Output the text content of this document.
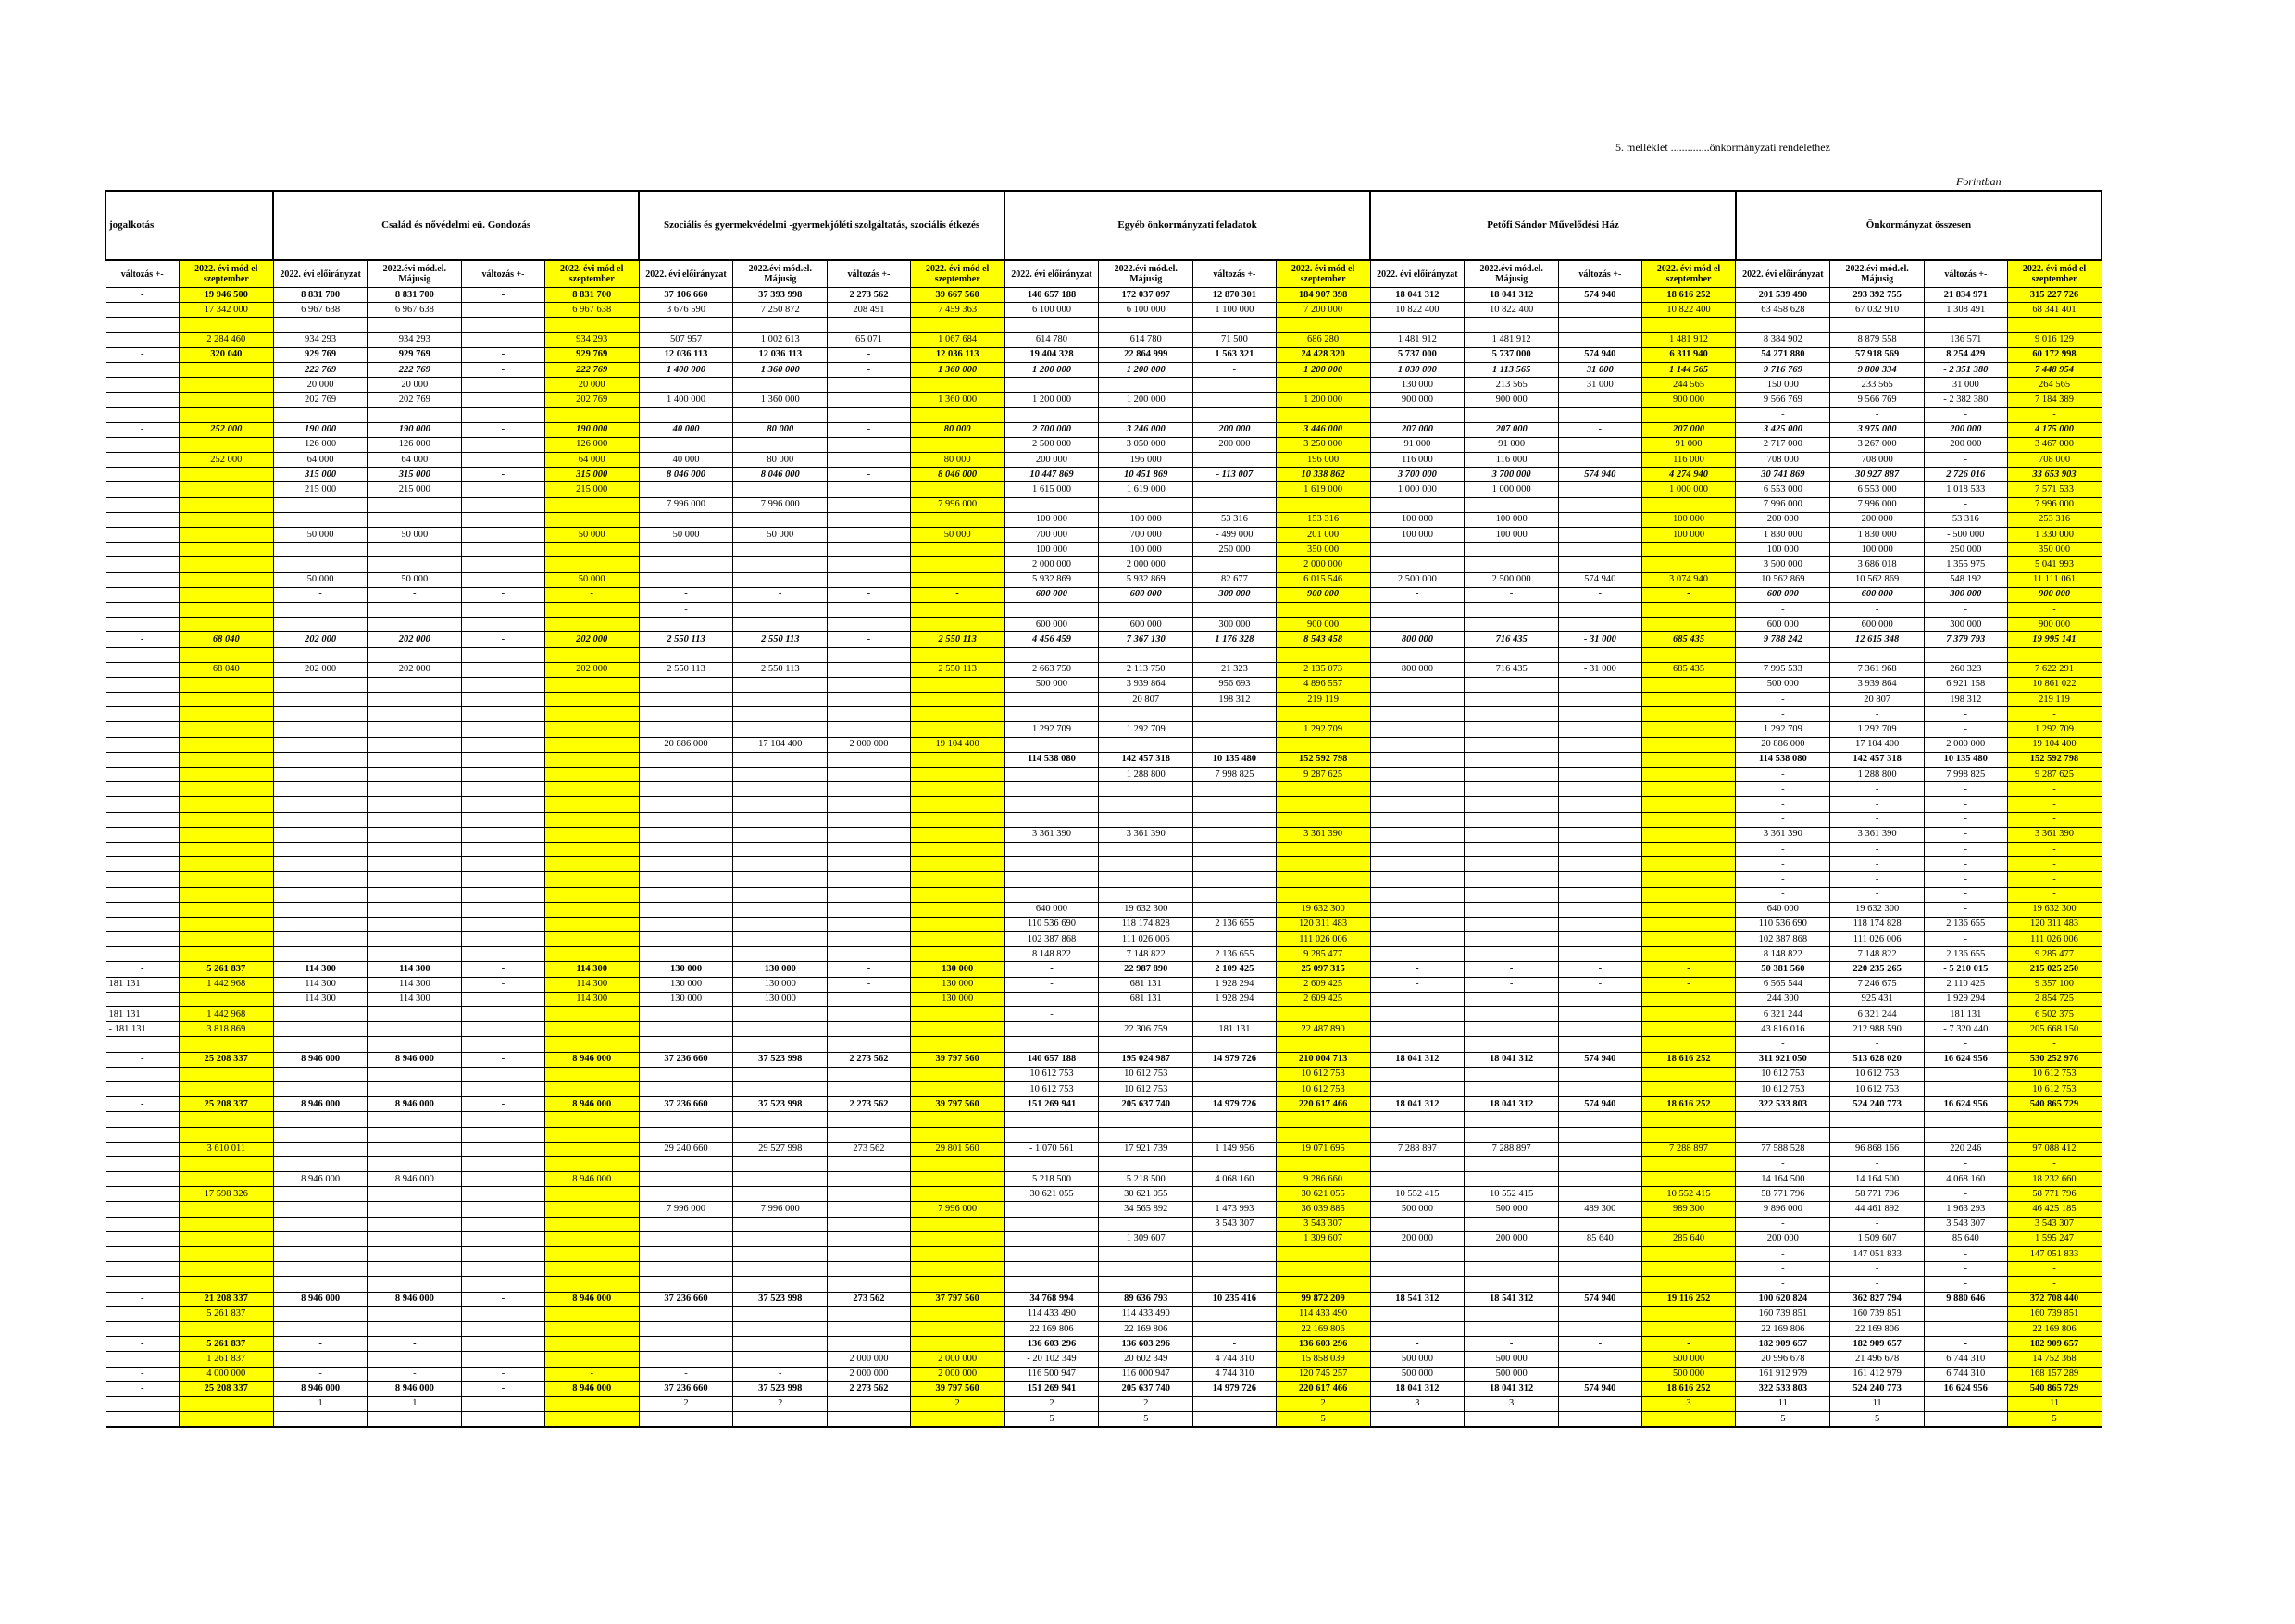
5. melléklet ..............önkormányzati rendelethez
Forintban
jogalkotás		Család és nővédelmi eü. Gondozás				Szociális és gyermekvédelmi -gyermekjóléti szolgáltatás, szociális étkezés				Egyéb önkormányzati feladatok				Petőfi Sándor Művelődési Ház				Önkormányzat összesen			
változás +-	2022. évi mód el szeptember	2022. évi előirányzat	2022.évi mód.el. Májusig	változás +-	2022. évi mód el szeptember	2022. évi előirányzat	2022.évi mód.el. Májusig	változás +-	2022. évi mód el szeptember	2022. évi előirányzat	2022.évi mód.el. Májusig	változás +-	2022. évi mód el szeptember	2022. évi előirányzat	2022.évi mód.el. Májusig	változás +-	2022. évi mód el szeptember	2022. évi előirányzat	2022.évi mód.el. Májusig	változás +-	2022. évi mód el szeptember
-	19 946 500	8 831 700	8 831 700	-	8 831 700	37 106 660	37 393 998	2 273 562	39 667 560	140 657 188	172 037 097	12 870 301	184 907 398	18 041 312	18 041 312	574 940	18 616 252	201 539 490	293 392 755	21 834 971	315 227 726
	17 342 000	6 967 638	6 967 638		6 967 638	3 676 590	7 250 872	208 491	7 459 363	6 100 000	6 100 000	1 100 000	7 200 000	10 822 400	10 822 400		10 822 400	63 458 628	67 032 910	1 308 491	68 341 401

	2 284 460	934 293	934 293		934 293	507 957	1 002 613	65 071	1 067 684	614 780	614 780	71 500	686 280	1 481 912	1 481 912		1 481 912	8 384 902	8 879 558	136 571	9 016 129
-	320 040	929 769	929 769	-	929 769	12 036 113	12 036 113	-	12 036 113	19 404 328	22 864 999	1 563 321	24 428 320	5 737 000	5 737 000	574 940	6 311 940	54 271 880	57 918 569	8 254 429	60 172 998
		222 769	222 769	-	222 769	1 400 000	1 360 000	-	1 360 000	1 200 000	1 200 000	-	1 200 000	1 030 000	1 113 565	31 000	1 144 565	9 716 769	9 800 334	- 2 351 380	7 448 954
		20 000	20 000		20 000									130 000	213 565	31 000	244 565	150 000	233 565	31 000	264 565
		202 769	202 769		202 769	1 400 000	1 360 000		1 360 000	1 200 000	1 200 000		1 200 000	900 000	900 000		900 000	9 566 769	9 566 769	- 2 382 380	7 184 389
																		-	-	-	-
-	252 000	190 000	190 000	-	190 000	40 000	80 000	-	80 000	2 700 000	3 246 000	200 000	3 446 000	207 000	207 000	-	207 000	3 425 000	3 975 000	200 000	4 175 000
		126 000	126 000		126 000					2 500 000	3 050 000	200 000	3 250 000	91 000	91 000		91 000	2 717 000	3 267 000	200 000	3 467 000
	252 000	64 000	64 000		64 000	40 000	80 000		80 000	200 000	196 000		196 000	116 000	116 000		116 000	708 000	708 000	-	708 000
		315 000	315 000	-	315 000	8 046 000	8 046 000	-	8 046 000	10 447 869	10 451 869	- 113 007	10 338 862	3 700 000	3 700 000	574 940	4 274 940	30 741 869	30 927 887	2 726 016	33 653 903
		215 000	215 000		215 000					1 615 000	1 619 000		1 619 000	1 000 000	1 000 000		1 000 000	6 553 000	6 553 000	1 018 533	7 571 533
						7 996 000	7 996 000		7 996 000									7 996 000	7 996 000	-	7 996 000
										100 000	100 000	53 316	153 316	100 000	100 000		100 000	200 000	200 000	53 316	253 316
		50 000	50 000		50 000	50 000	50 000		50 000	700 000	700 000	- 499 000	201 000	100 000	100 000		100 000	1 830 000	1 830 000	- 500 000	1 330 000
										100 000	100 000	250 000	350 000					100 000	100 000	250 000	350 000
										2 000 000	2 000 000		2 000 000					3 500 000	3 686 018	1 355 975	5 041 993
		50 000	50 000		50 000					5 932 869	5 932 869	82 677	6 015 546	2 500 000	2 500 000	574 940	3 074 940	10 562 869	10 562 869	548 192	11 111 061
		-	-	-	-	-	-	-	-	600 000	600 000	300 000	900 000	-	-	-	-	600 000	600 000	300 000	900 000
						-												-	-	-	-
										600 000	600 000	300 000	900 000					600 000	600 000	300 000	900 000
-	68 040	202 000	202 000	-	202 000	2 550 113	2 550 113	-	2 550 113	4 456 459	7 367 130	1 176 328	8 543 458	800 000	716 435	- 31 000	685 435	9 788 242	12 615 348	7 379 793	19 995 141

	68 040	202 000	202 000		202 000	2 550 113	2 550 113		2 550 113	2 663 750	2 113 750	21 323	2 135 073	800 000	716 435	- 31 000	685 435	7 995 533	7 361 968	260 323	7 622 291
										500 000	3 939 864	956 693	4 896 557					500 000	3 939 864	6 921 158	10 861 022
											20 807	198 312	219 119					-	20 807	198 312	219 119
																		-	-	-	-
										1 292 709	1 292 709		1 292 709					1 292 709	1 292 709	-	1 292 709
						20 886 000	17 104 400	2 000 000	19 104 400									20 886 000	17 104 400	2 000 000	19 104 400
										114 538 080	142 457 318	10 135 480	152 592 798					114 538 080	142 457 318	10 135 480	152 592 798
											1 288 800	7 998 825	9 287 625					-	1 288 800	7 998 825	9 287 625
																		-	-	-	-
																		-	-	-	-
																		-	-	-	-
										3 361 390	3 361 390		3 361 390					3 361 390	3 361 390	-	3 361 390
																		-	-	-	-
																		-	-	-	-
																		-	-	-	-
																		-	-	-	-
										640 000	19 632 300		19 632 300					640 000	19 632 300	-	19 632 300
										110 536 690	118 174 828	2 136 655	120 311 483					110 536 690	118 174 828	2 136 655	120 311 483
										102 387 868	111 026 006		111 026 006					102 387 868	111 026 006	-	111 026 006
										8 148 822	7 148 822	2 136 655	9 285 477					8 148 822	7 148 822	2 136 655	9 285 477
-	5 261 837	114 300	114 300	-	114 300	130 000	130 000	-	130 000	-	22 987 890	2 109 425	25 097 315	-	-	-	-	50 381 560	220 235 265	- 5 210 015	215 025 250
181 131	1 442 968	114 300	114 300	-	114 300	130 000	130 000	-	130 000	-	681 131	1 928 294	2 609 425	-	-	-	-	6 565 544	7 246 675	2 110 425	9 357 100
		114 300	114 300		114 300	130 000	130 000		130 000		681 131	1 928 294	2 609 425					244 300	925 431	1 929 294	2 854 725
181 131	1 442 968									-								6 321 244	6 321 244	181 131	6 502 375
- 181 131	3 818 869										22 306 759	181 131	22 487 890					43 816 016	212 988 590	- 7 320 440	205 668 150
																		-	-	-	-
-	25 208 337	8 946 000	8 946 000	-	8 946 000	37 236 660	37 523 998	2 273 562	39 797 560	140 657 188	195 024 987	14 979 726	210 004 713	18 041 312	18 041 312	574 940	18 616 252	311 921 050	513 628 020	16 624 956	530 252 976
										10 612 753	10 612 753		10 612 753					10 612 753	10 612 753		10 612 753
										10 612 753	10 612 753		10 612 753					10 612 753	10 612 753		10 612 753
-	25 208 337	8 946 000	8 946 000	-	8 946 000	37 236 660	37 523 998	2 273 562	39 797 560	151 269 941	205 637 740	14 979 726	220 617 466	18 041 312	18 041 312	574 940	18 616 252	322 533 803	524 240 773	16 624 956	540 865 729

	3 610 011					29 240 660	29 527 998	273 562	29 801 560	- 1 070 561	17 921 739	1 149 956	19 071 695	7 288 897	7 288 897		7 288 897	77 588 528	96 868 166	220 246	97 088 412
																		-	-	-	-
		8 946 000	8 946 000		8 946 000					5 218 500	5 218 500	4 068 160	9 286 660					14 164 500	14 164 500	4 068 160	18 232 660
	17 598 326									30 621 055	30 621 055		30 621 055	10 552 415	10 552 415		10 552 415	58 771 796	58 771 796	-	58 771 796
						7 996 000	7 996 000		7 996 000		34 565 892	1 473 993	36 039 885	500 000	500 000	489 300	989 300	9 896 000	44 461 892	1 963 293	46 425 185
												3 543 307	3 543 307					-	-	3 543 307	3 543 307
											1 309 607		1 309 607	200 000	200 000	85 640	285 640	200 000	1 509 607	85 640	1 595 247
																		-	147 051 833	-	147 051 833
																		-	-	-	-
																		-	-	-	-
-	21 208 337	8 946 000	8 946 000	-	8 946 000	37 236 660	37 523 998	273 562	37 797 560	34 768 994	89 636 793	10 235 416	99 872 209	18 541 312	18 541 312	574 940	19 116 252	100 620 824	362 827 794	9 880 646	372 708 440
	5 261 837									114 433 490	114 433 490		114 433 490					160 739 851	160 739 851		160 739 851
										22 169 806	22 169 806		22 169 806					22 169 806	22 169 806		22 169 806
-	5 261 837	-	-							136 603 296	136 603 296	-	136 603 296	-	-	-	-	182 909 657	182 909 657	-	182 909 657
	1 261 837							2 000 000	2 000 000	- 20 102 349	20 602 349	4 744 310	15 858 039	500 000	500 000		500 000	20 996 678	21 496 678	6 744 310	14 752 368
-	4 000 000	-	-	-	-	-	-	2 000 000	2 000 000	116 500 947	116 000 947	4 744 310	120 745 257	500 000	500 000		500 000	161 912 979	161 412 979	6 744 310	168 157 289
-	25 208 337	8 946 000	8 946 000	-	8 946 000	37 236 660	37 523 998	2 273 562	39 797 560	151 269 941	205 637 740	14 979 726	220 617 466	18 041 312	18 041 312	574 940	18 616 252	322 533 803	524 240 773	16 624 956	540 865 729
		1	1			2	2		2	2	2		2	3	3		3	11	11		11
										5	5		5					5	5		5
